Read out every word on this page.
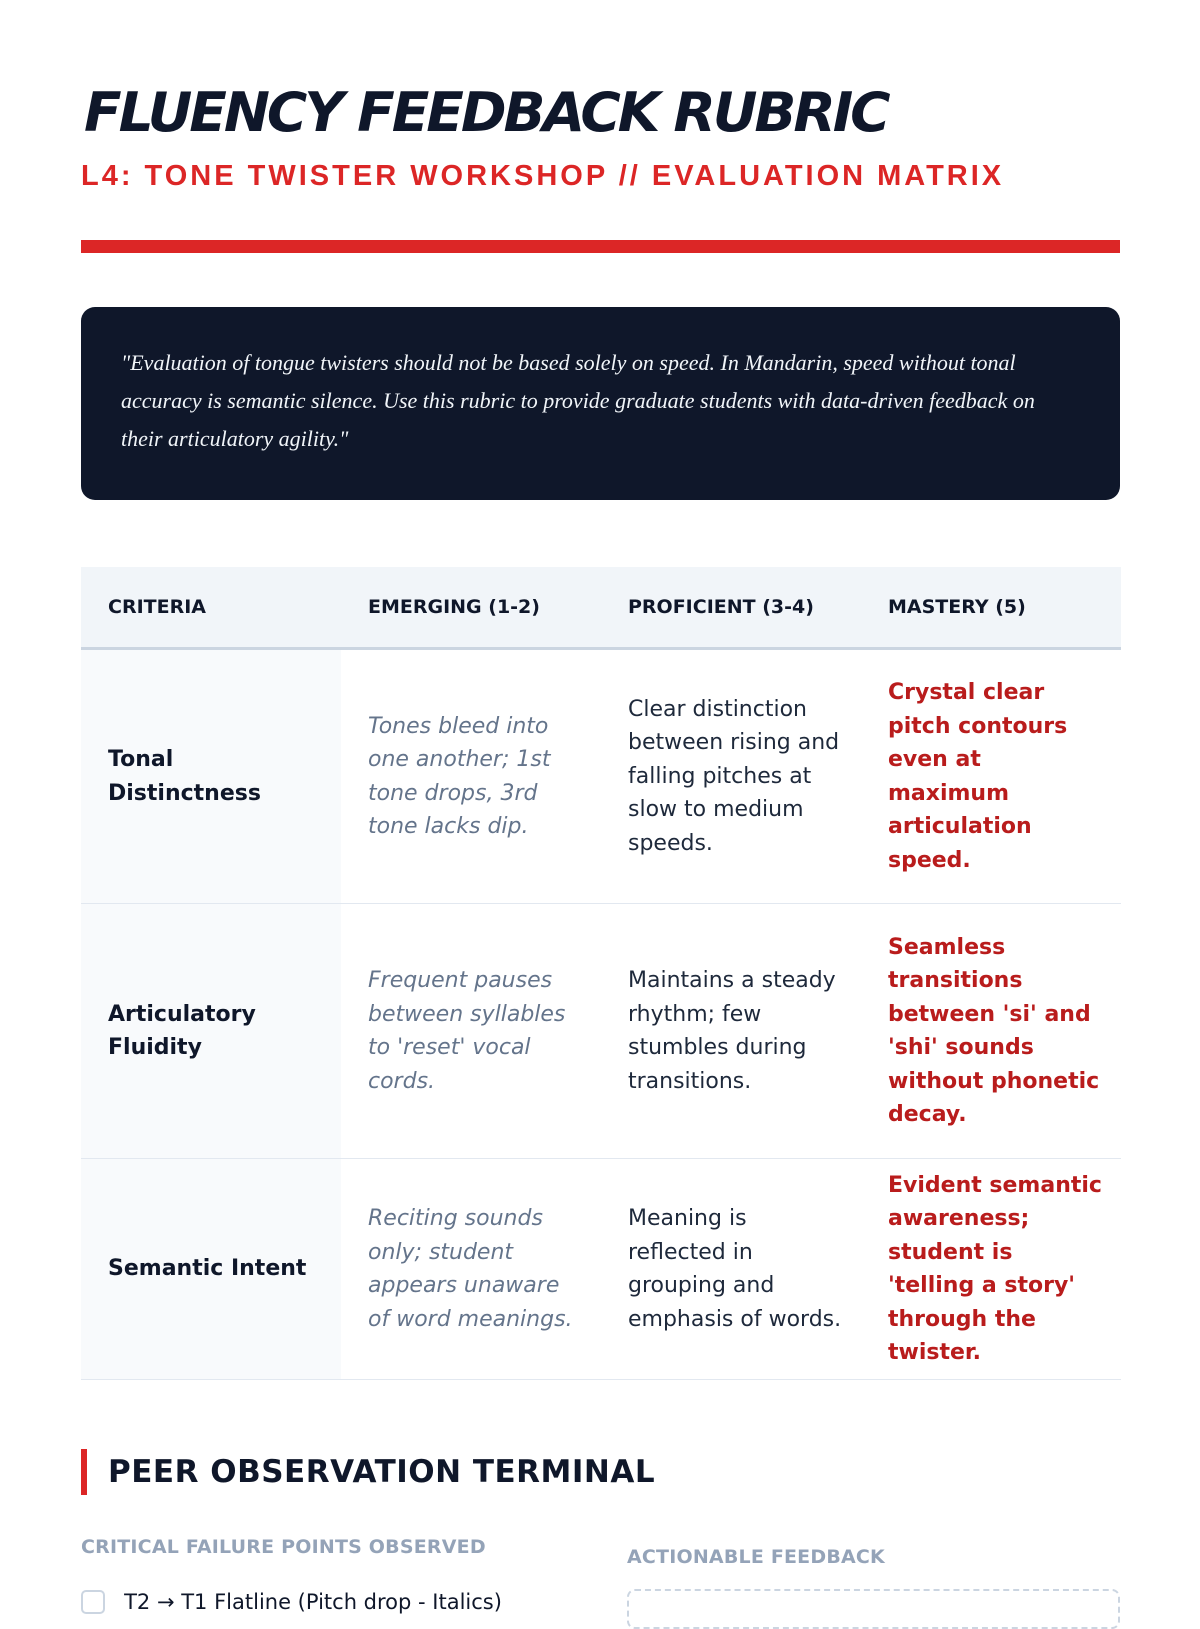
FLUENCY FEEDBACK RUBRIC
L4: TONE TWISTER WORKSHOP // EVALUATION MATRIX
"Evaluation of tongue twisters should not be based solely on speed. In Mandarin, speed without tonal accuracy is semantic silence. Use this rubric to provide graduate students with data-driven feedback on their articulatory agility."
CRITERIA	EMERGING (1-2)	PROFICIENT (3-4)	MASTERY (5)
Tonal Distinctness	Tones bleed into one another; 1st tone drops, 3rd tone lacks dip.	Clear distinction between rising and falling pitches at slow to medium speeds.	Crystal clear pitch contours even at maximum articulation speed.
Articulatory Fluidity	Frequent pauses between syllables to 'reset' vocal cords.	Maintains a steady rhythm; few stumbles during transitions.	Seamless transitions between 'si' and 'shi' sounds without phonetic decay.
Semantic Intent	Reciting sounds only; student appears unaware of word meanings.	Meaning is reflected in grouping and emphasis of words.	Evident semantic awareness; student is 'telling a story' through the twister.
PEER OBSERVATION TERMINAL
CRITICAL FAILURE POINTS OBSERVED	ACTIONABLE FEEDBACK
T2 → T1 Flatline (Pitch drop - Italics)
